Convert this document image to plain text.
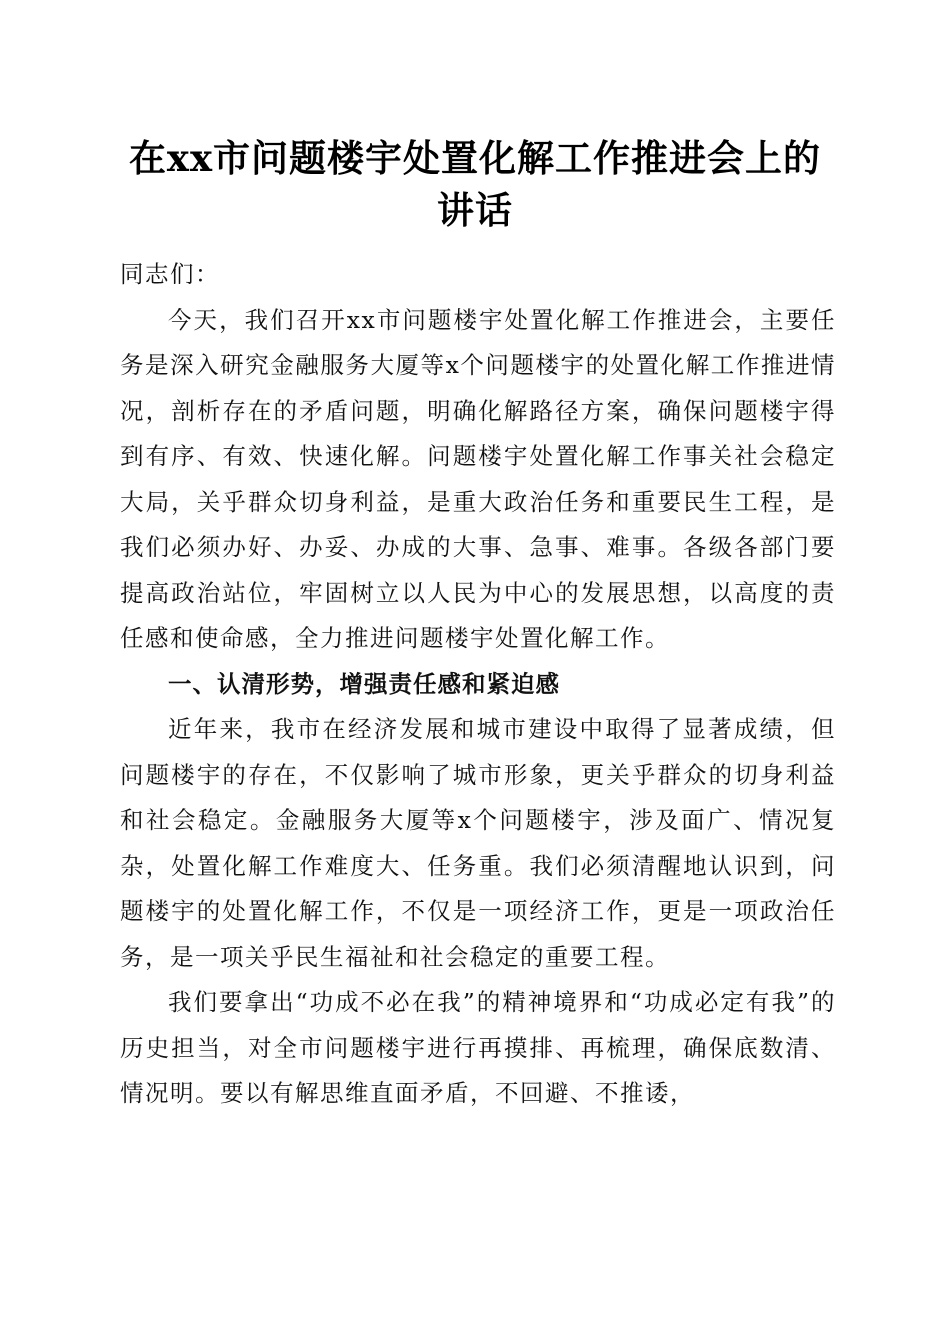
在xx市问题楼宇处置化解工作推进会上的讲话

同志们：

今天，我们召开xx市问题楼宇处置化解工作推进会，主要任务是深入研究金融服务大厦等x个问题楼宇的处置化解工作推进情况，剖析存在的矛盾问题，明确化解路径方案，确保问题楼宇得到有序、有效、快速化解。问题楼宇处置化解工作事关社会稳定大局，关乎群众切身利益，是重大政治任务和重要民生工程，是我们必须办好、办妥、办成的大事、急事、难事。各级各部门要提高政治站位，牢固树立以人民为中心的发展思想，以高度的责任感和使命感，全力推进问题楼宇处置化解工作。

一、认清形势，增强责任感和紧迫感

近年来，我市在经济发展和城市建设中取得了显著成绩，但问题楼宇的存在，不仅影响了城市形象，更关乎群众的切身利益和社会稳定。金融服务大厦等x个问题楼宇，涉及面广、情况复杂，处置化解工作难度大、任务重。我们必须清醒地认识到，问题楼宇的处置化解工作，不仅是一项经济工作，更是一项政治任务，是一项关乎民生福祉和社会稳定的重要工程。

我们要拿出“功成不必在我”的精神境界和“功成必定有我”的历史担当，对全市问题楼宇进行再摸排、再梳理，确保底数清、情况明。要以有解思维直面矛盾，不回避、不推诿，
